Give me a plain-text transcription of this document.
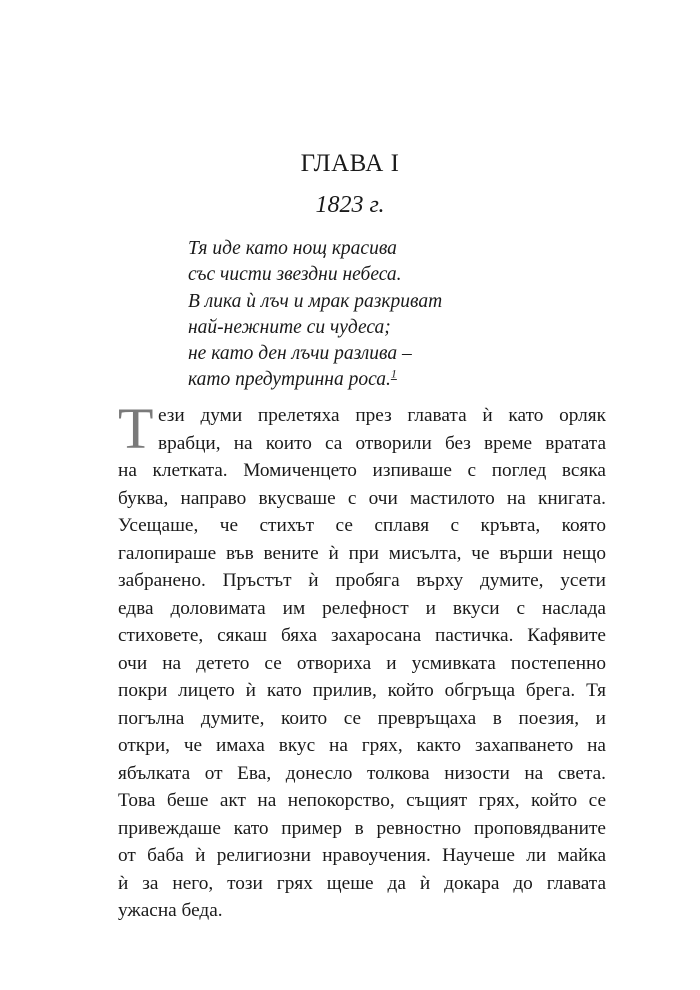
ГЛАВА I
1823 г.
Тя иде като нощ красива
със чисти звездни небеса.
В лика ѝ лъч и мрак разкриват
най-нежните си чудеса;
не като ден лъчи разлива –
като предутринна роса.$^1$
Т ези думи прелетяха през главата ѝ като орляк
врабци, на които са отворили без време вратата
на клетката. Момиченцето изпиваше с поглед всяка
буква, направо вкусваше с очи мастилото на книгата.
Усещаше, че стихът се сплавя с кръвта, която
галопираше във вените ѝ при мисълта, че върши нещо
забранено. Пръстът ѝ пробяга върху думите, усети
едва доловимата им релефност и вкуси с наслада
стиховете, сякаш бяха захаросана пастичка. Кафявите
очи на детето се отвориха и усмивката постепенно
покри лицето ѝ като прилив, който обгръща брега. Тя
погълна думите, които се превръщаха в поезия, и
откри, че имаха вкус на грях, както захапването на
ябълката от Ева, донесло толкова низости на света.
Това беше акт на непокорство, същият грях, който се
привеждаше като пример в ревностно проповядваните
от баба ѝ религиозни нравоучения. Научеше ли майка
ѝ за него, този грях щеше да ѝ докара до главата
ужасна беда.
